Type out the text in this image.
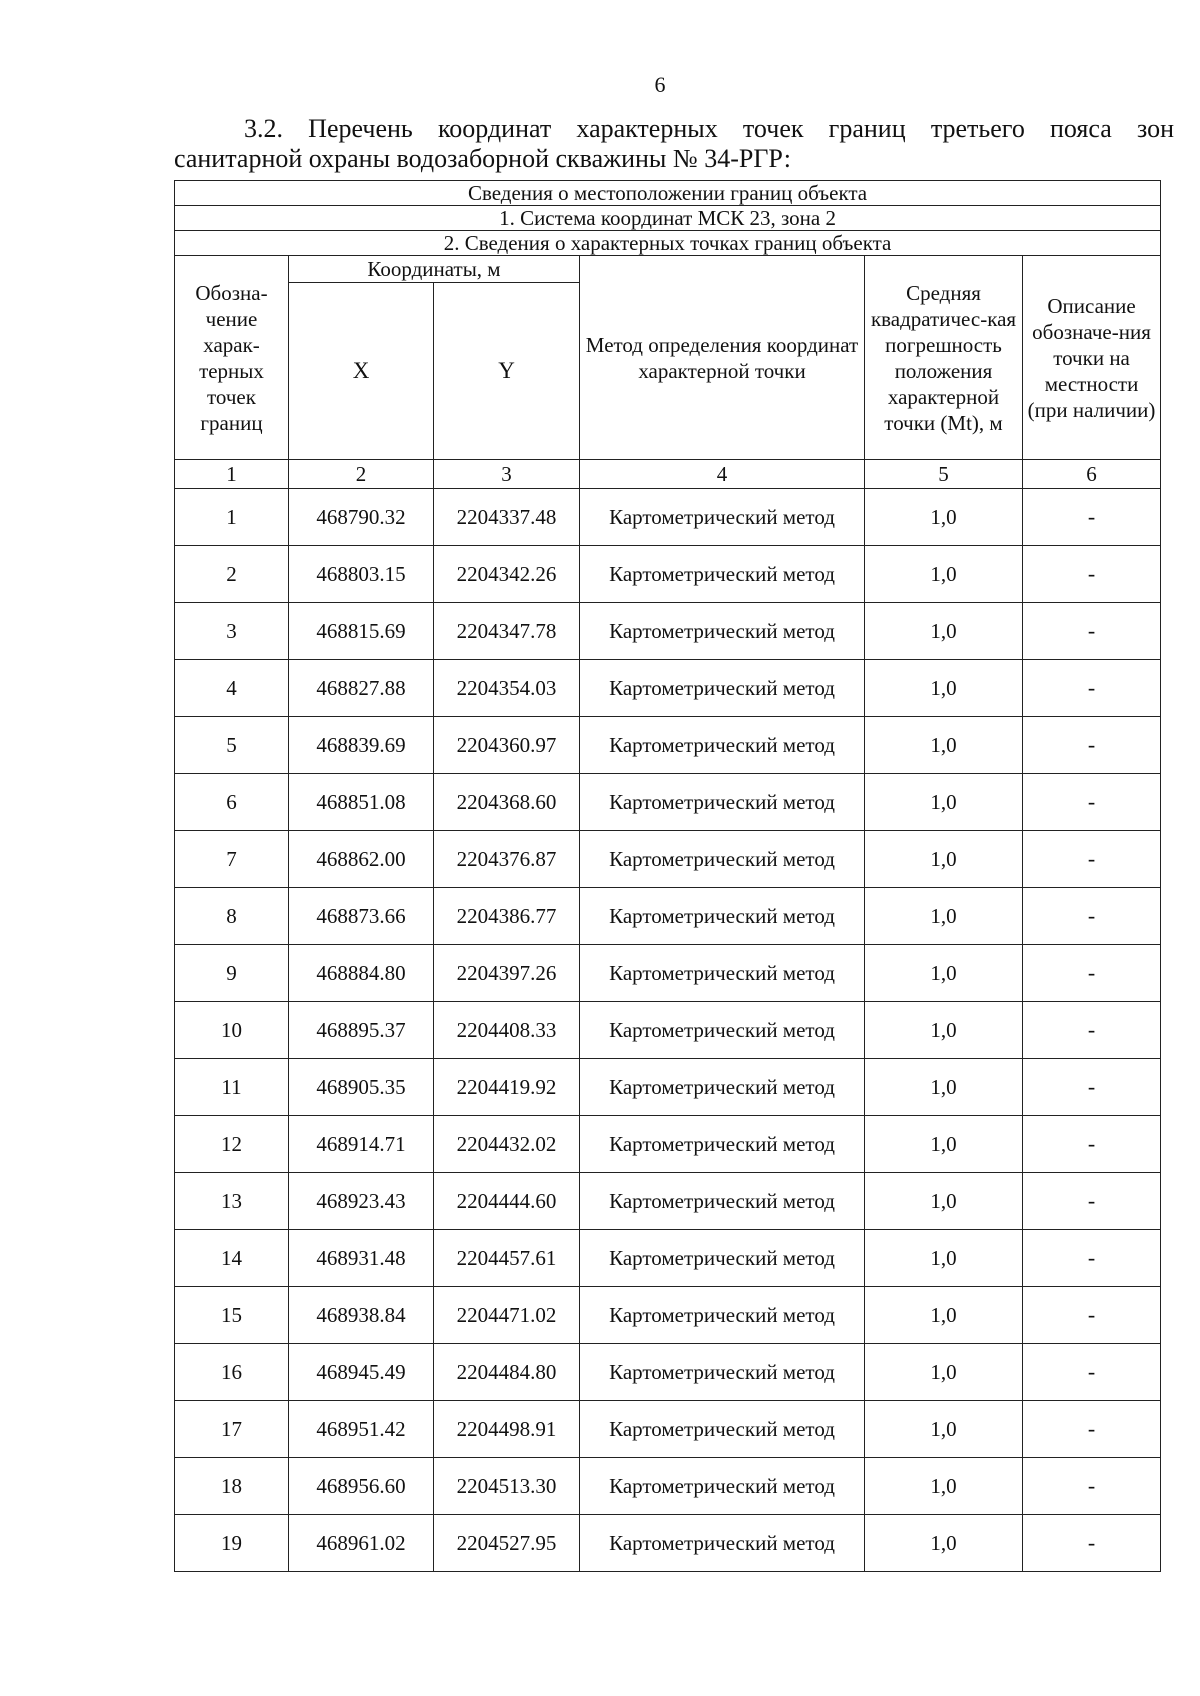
6
3.2. Перечень координат характерных точек границ третьего пояса зон
санитарной охраны водозаборной скважины № 34-РГР:
Сведения о местоположении границ объекта					
1. Система координат МСК 23, зона 2					
2. Сведения о характерных точках границ объекта					
Обозна-чение харак-терных точек границ	Координаты, м		Метод определения координат характерной точки	Средняя квадратичес-кая погрешность положения характерной точки (Mt), м	Описание обозначе-ния точки на местности (при наличии)
	X	Y			
1	2	3	4	5	6
1	468790.32	2204337.48	Картометрический метод	1,0	-
2	468803.15	2204342.26	Картометрический метод	1,0	-
3	468815.69	2204347.78	Картометрический метод	1,0	-
4	468827.88	2204354.03	Картометрический метод	1,0	-
5	468839.69	2204360.97	Картометрический метод	1,0	-
6	468851.08	2204368.60	Картометрический метод	1,0	-
7	468862.00	2204376.87	Картометрический метод	1,0	-
8	468873.66	2204386.77	Картометрический метод	1,0	-
9	468884.80	2204397.26	Картометрический метод	1,0	-
10	468895.37	2204408.33	Картометрический метод	1,0	-
11	468905.35	2204419.92	Картометрический метод	1,0	-
12	468914.71	2204432.02	Картометрический метод	1,0	-
13	468923.43	2204444.60	Картометрический метод	1,0	-
14	468931.48	2204457.61	Картометрический метод	1,0	-
15	468938.84	2204471.02	Картометрический метод	1,0	-
16	468945.49	2204484.80	Картометрический метод	1,0	-
17	468951.42	2204498.91	Картометрический метод	1,0	-
18	468956.60	2204513.30	Картометрический метод	1,0	-
19	468961.02	2204527.95	Картометрический метод	1,0	-
